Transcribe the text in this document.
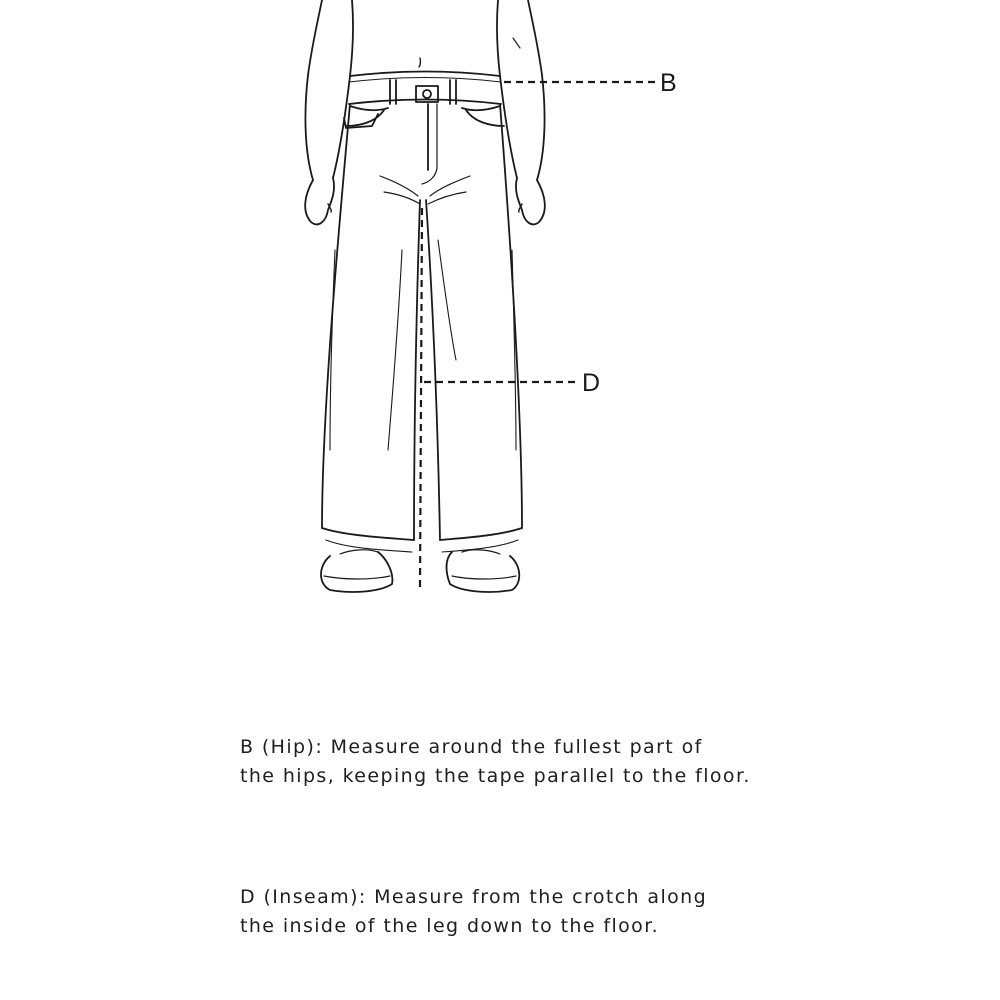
B
D

B (Hip): Measure around the fullest part of
the hips, keeping the tape parallel to the floor.

D (Inseam): Measure from the crotch along
the inside of the leg down to the floor.
